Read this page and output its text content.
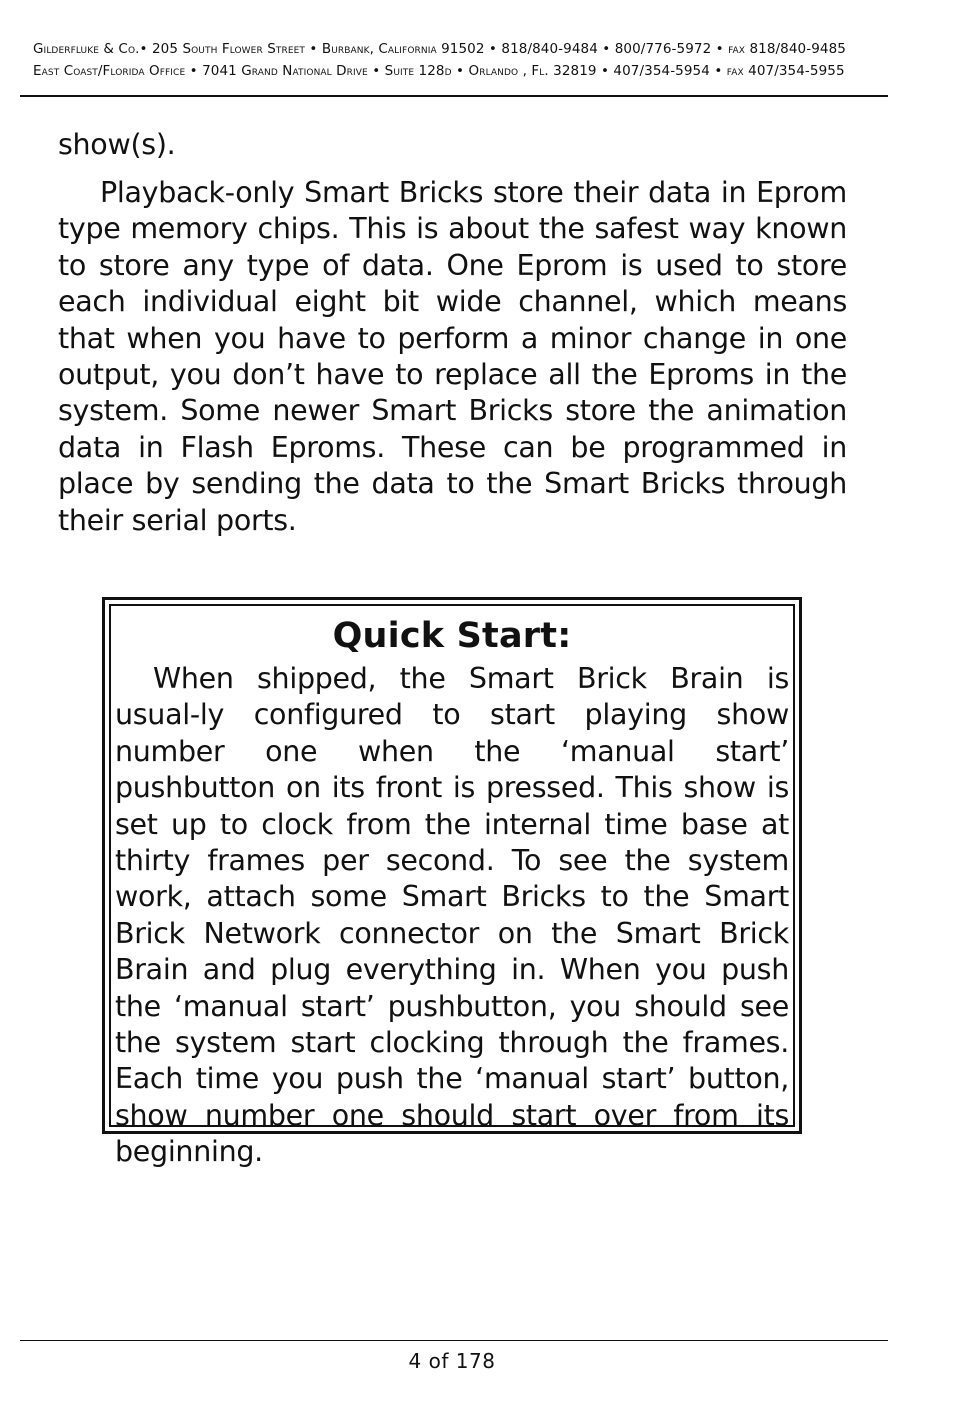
Gilderfluke & Co.• 205 South Flower Street • Burbank, California 91502 • 818/840-9484 • 800/776-5972 • fax 818/840-9485
East Coast/Florida Office • 7041 Grand National Drive • Suite 128d • Orlando , Fl. 32819 • 407/354-5954 • fax 407/354-5955

show(s).

Playback-only Smart Bricks store their data in Eprom type memory chips. This is about the safest way known to store any type of data. One Eprom is used to store each individual eight bit wide channel, which means that when you have to perform a minor change in one output, you don’t have to replace all the Eproms in the system. Some newer Smart Bricks store the animation data in Flash Eproms. These can be programmed in place by sending the data to the Smart Bricks through their serial ports.

Quick Start:

When shipped, the Smart Brick Brain is usual-ly configured to start playing show number one when the ‘manual start’ pushbutton on its front is pressed. This show is set up to clock from the internal time base at thirty frames per second. To see the system work, attach some Smart Bricks to the Smart Brick Network connector on the Smart Brick Brain and plug everything in. When you push the ‘manual start’ pushbutton, you should see the system start clocking through the frames. Each time you push the ‘manual start’ button, show number one should start over from its beginning.

4 of 178
